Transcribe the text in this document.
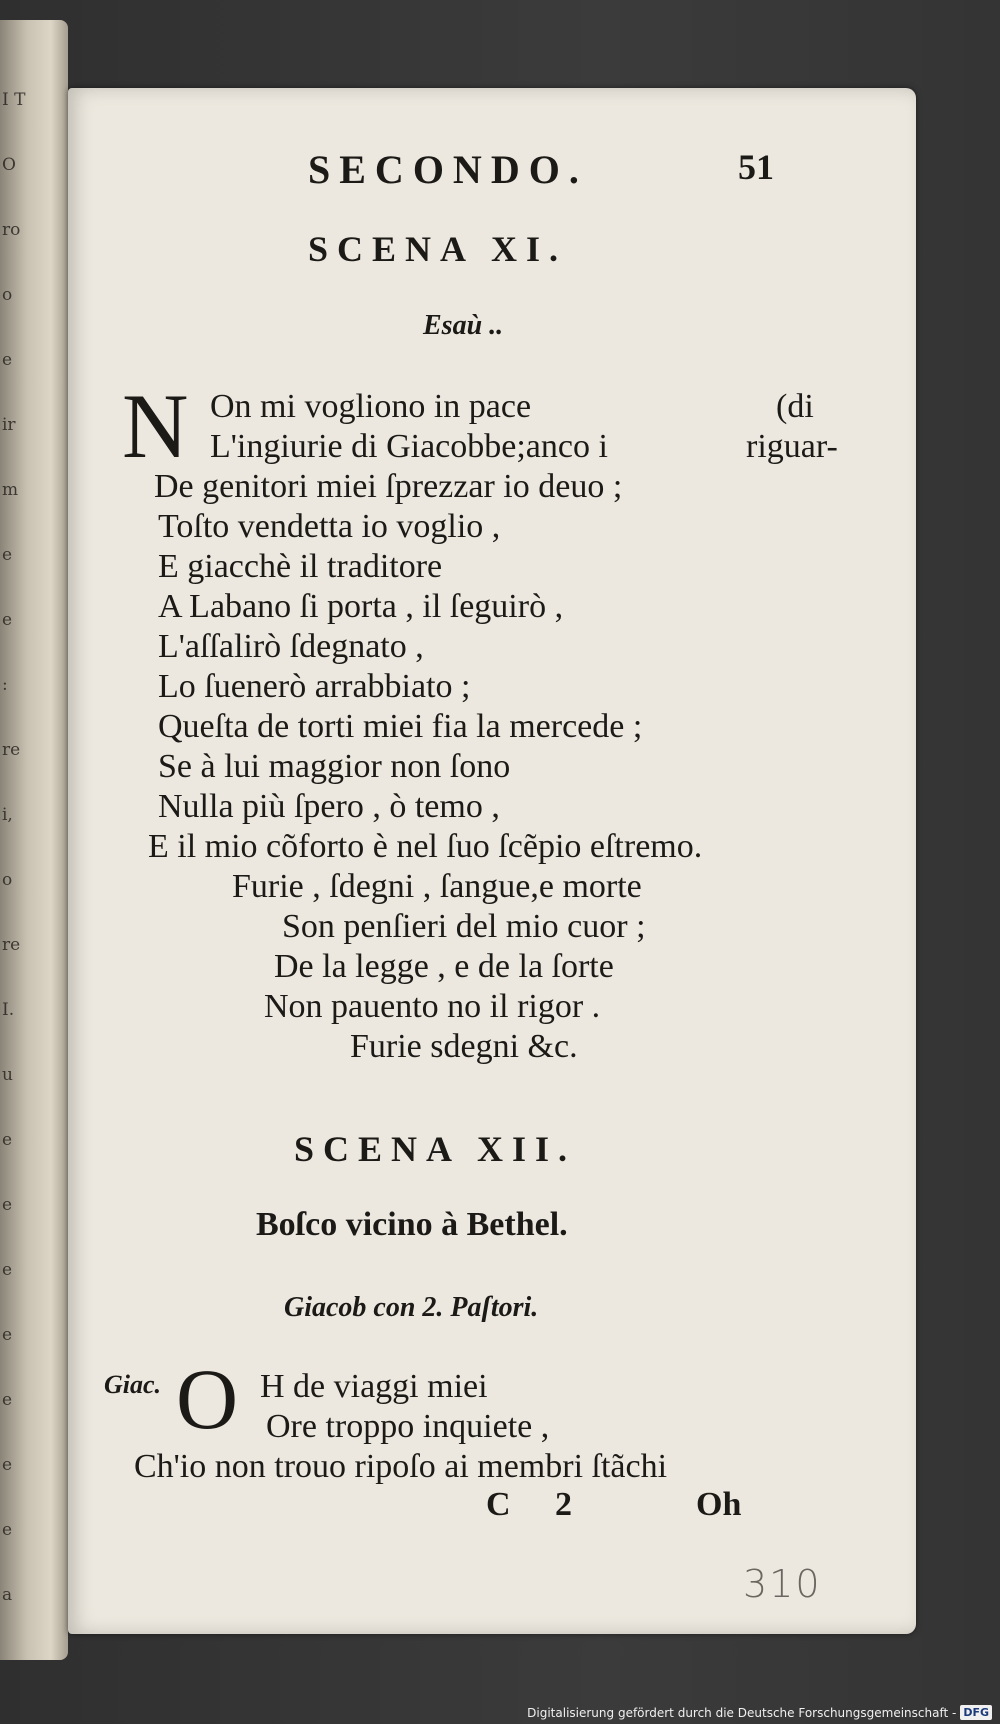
I T
O
ro
o
e
ir
m
e
e
:
re
i,
o
re
I.
u
e
e
e
e
e
e
e
a
SECONDO.	51
SCENA XI.
Esaù ..
N On mi vogliono in pace	(di
L'ingiurie di Giacobbe;anco i	riguar-
De genitori miei ſprezzar io deuo ;
Toſto vendetta io voglio ,
E giacchè il traditore
A Labano ſi porta , il ſeguirò ,
L'aſſalirò ſdegnato ,
Lo ſuenerò arrabbiato ;
Queſta de torti miei fia la mercede ;
Se à lui maggior non ſono
Nulla più ſpero , ò temo ,
E il mio cõforto è nel ſuo ſcẽpio eſtremo.
Furie , ſdegni , ſangue,e morte
Son penſieri del mio cuor ;
De la legge , e de la ſorte
Non pauento no il rigor .
Furie sdegni &c.
SCENA XII.
Boſco vicino à Bethel.
Giacob con 2. Paſtori.
Giac. O H de viaggi miei
Ore troppo inquiete ,
Ch'io non trouo ripoſo ai membri ſtãchi
C 2	Oh
310
Digitalisierung gefördert durch die Deutsche Forschungsgemeinschaft - DFG
